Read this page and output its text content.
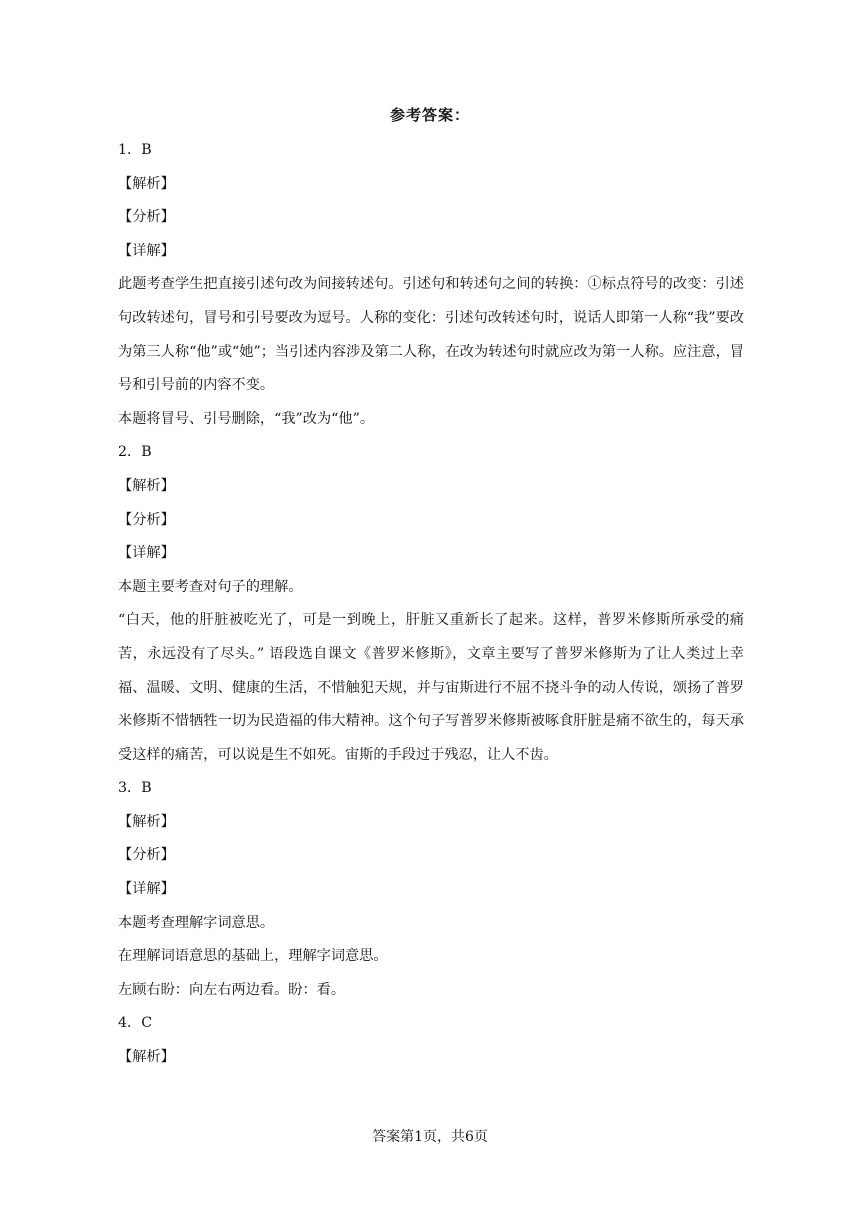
参考答案：

1．B

【解析】

【分析】

【详解】

此题考查学生把直接引述句改为间接转述句。引述句和转述句之间的转换：①标点符号的改变：引述句改转述句，冒号和引号要改为逗号。人称的变化：引述句改转述句时，说话人即第一人称“我”要改为第三人称“他”或“她”；当引述内容涉及第二人称，在改为转述句时就应改为第一人称。应注意，冒号和引号前的内容不变。

本题将冒号、引号删除，“我”改为“他”。

2．B

【解析】

【分析】

【详解】

本题主要考查对句子的理解。

“白天，他的肝脏被吃光了，可是一到晚上，肝脏又重新长了起来。这样，普罗米修斯所承受的痛苦，永远没有了尽头。” 语段选自课文《普罗米修斯》，文章主要写了普罗米修斯为了让人类过上幸福、温暖、文明、健康的生活，不惜触犯天规，并与宙斯进行不屈不挠斗争的动人传说，颂扬了普罗米修斯不惜牺牲一切为民造福的伟大精神。这个句子写普罗米修斯被啄食肝脏是痛不欲生的，每天承受这样的痛苦，可以说是生不如死。宙斯的手段过于残忍，让人不齿。

3．B

【解析】

【分析】

【详解】

本题考查理解字词意思。

在理解词语意思的基础上，理解字词意思。

左顾右盼：向左右两边看。盼：看。

4．C

【解析】

答案第1页，共6页
